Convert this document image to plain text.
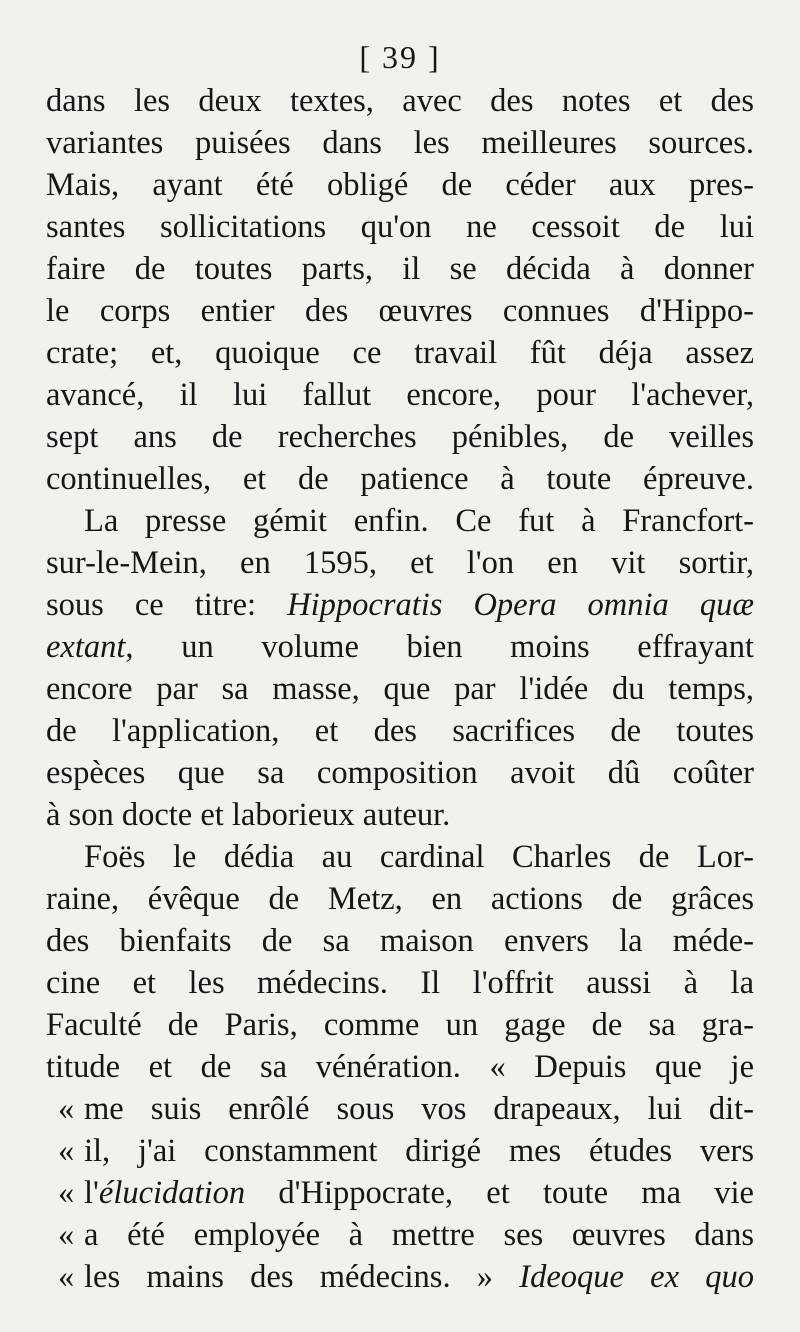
[ 39 ]
dans les deux textes, avec des notes et des
variantes puisées dans les meilleures sources.
Mais, ayant été obligé de céder aux pres-
santes sollicitations qu'on ne cessoit de lui
faire de toutes parts, il se décida à donner
le corps entier des œuvres connues d'Hippo-
crate; et, quoique ce travail fût déja assez
avancé, il lui fallut encore, pour l'achever,
sept ans de recherches pénibles, de veilles
continuelles, et de patience à toute épreuve.
La presse gémit enfin. Ce fut à Francfort-
sur-le-Mein, en 1595, et l'on en vit sortir,
sous ce titre: Hippocratis Opera omnia quæ
extant, un volume bien moins effrayant
encore par sa masse, que par l'idée du temps,
de l'application, et des sacrifices de toutes
espèces que sa composition avoit dû coûter
à son docte et laborieux auteur.
Foës le dédia au cardinal Charles de Lor-
raine, évêque de Metz, en actions de grâces
des bienfaits de sa maison envers la méde-
cine et les médecins. Il l'offrit aussi à la
Faculté de Paris, comme un gage de sa gra-
titude et de sa vénération. « Depuis que je
« me suis enrôlé sous vos drapeaux, lui dit-
« il, j'ai constamment dirigé mes études vers
« l'élucidation d'Hippocrate, et toute ma vie
« a été employée à mettre ses œuvres dans
« les mains des médecins. » Ideoque ex quo
